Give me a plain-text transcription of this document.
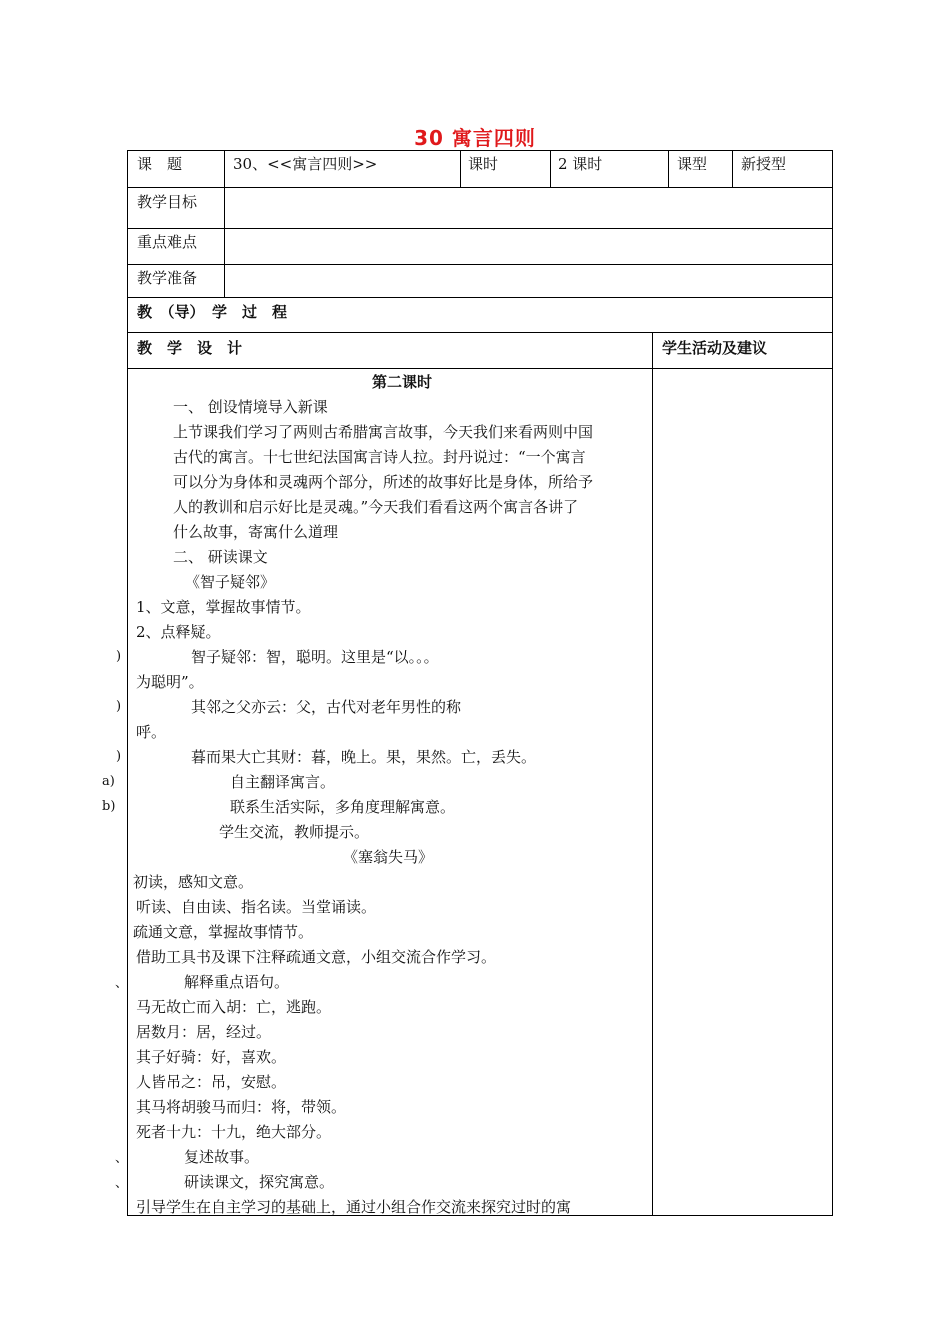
30 寓言四则
课　题	30、<<寓言四则>>	课时	2 课时	课型 新授型
教学目标
重点难点
教学准备
教　（导）　学　过　程
教　学　设　计	学生活动及建议
第二课时
一、 创设情境导入新课
上节课我们学习了两则古希腊寓言故事，今天我们来看两则中国
古代的寓言。十七世纪法国寓言诗人拉。封丹说过：“一个寓言
可以分为身体和灵魂两个部分，所述的故事好比是身体，所给予
人的教训和启示好比是灵魂。”今天我们看看这两个寓言各讲了
什么故事，寄寓什么道理
二、 研读课文
《智子疑邻》
1、文意，掌握故事情节。
2、点释疑。
智子疑邻：智，聪明。这里是“以。。。
为聪明”。
其邻之父亦云：父，古代对老年男性的称
呼。
暮而果大亡其财：暮，晚上。果，果然。亡，丢失。
自主翻译寓言。
联系生活实际，多角度理解寓意。
学生交流，教师提示。
《塞翁失马》
初读，感知文意。
听读、自由读、指名读。当堂诵读。
疏通文意，掌握故事情节。
借助工具书及课下注释疏通文意，小组交流合作学习。
解释重点语句。
马无故亡而入胡：亡，逃跑。
居数月：居，经过。
其子好骑：好，喜欢。
人皆吊之：吊，安慰。
其马将胡骏马而归：将，带领。
死者十九：十九，绝大部分。
复述故事。
研读课文，探究寓意。
引导学生在自主学习的基础上，通过小组合作交流来探究过时的寓
)
)
)
a)
b)
、
、
、
